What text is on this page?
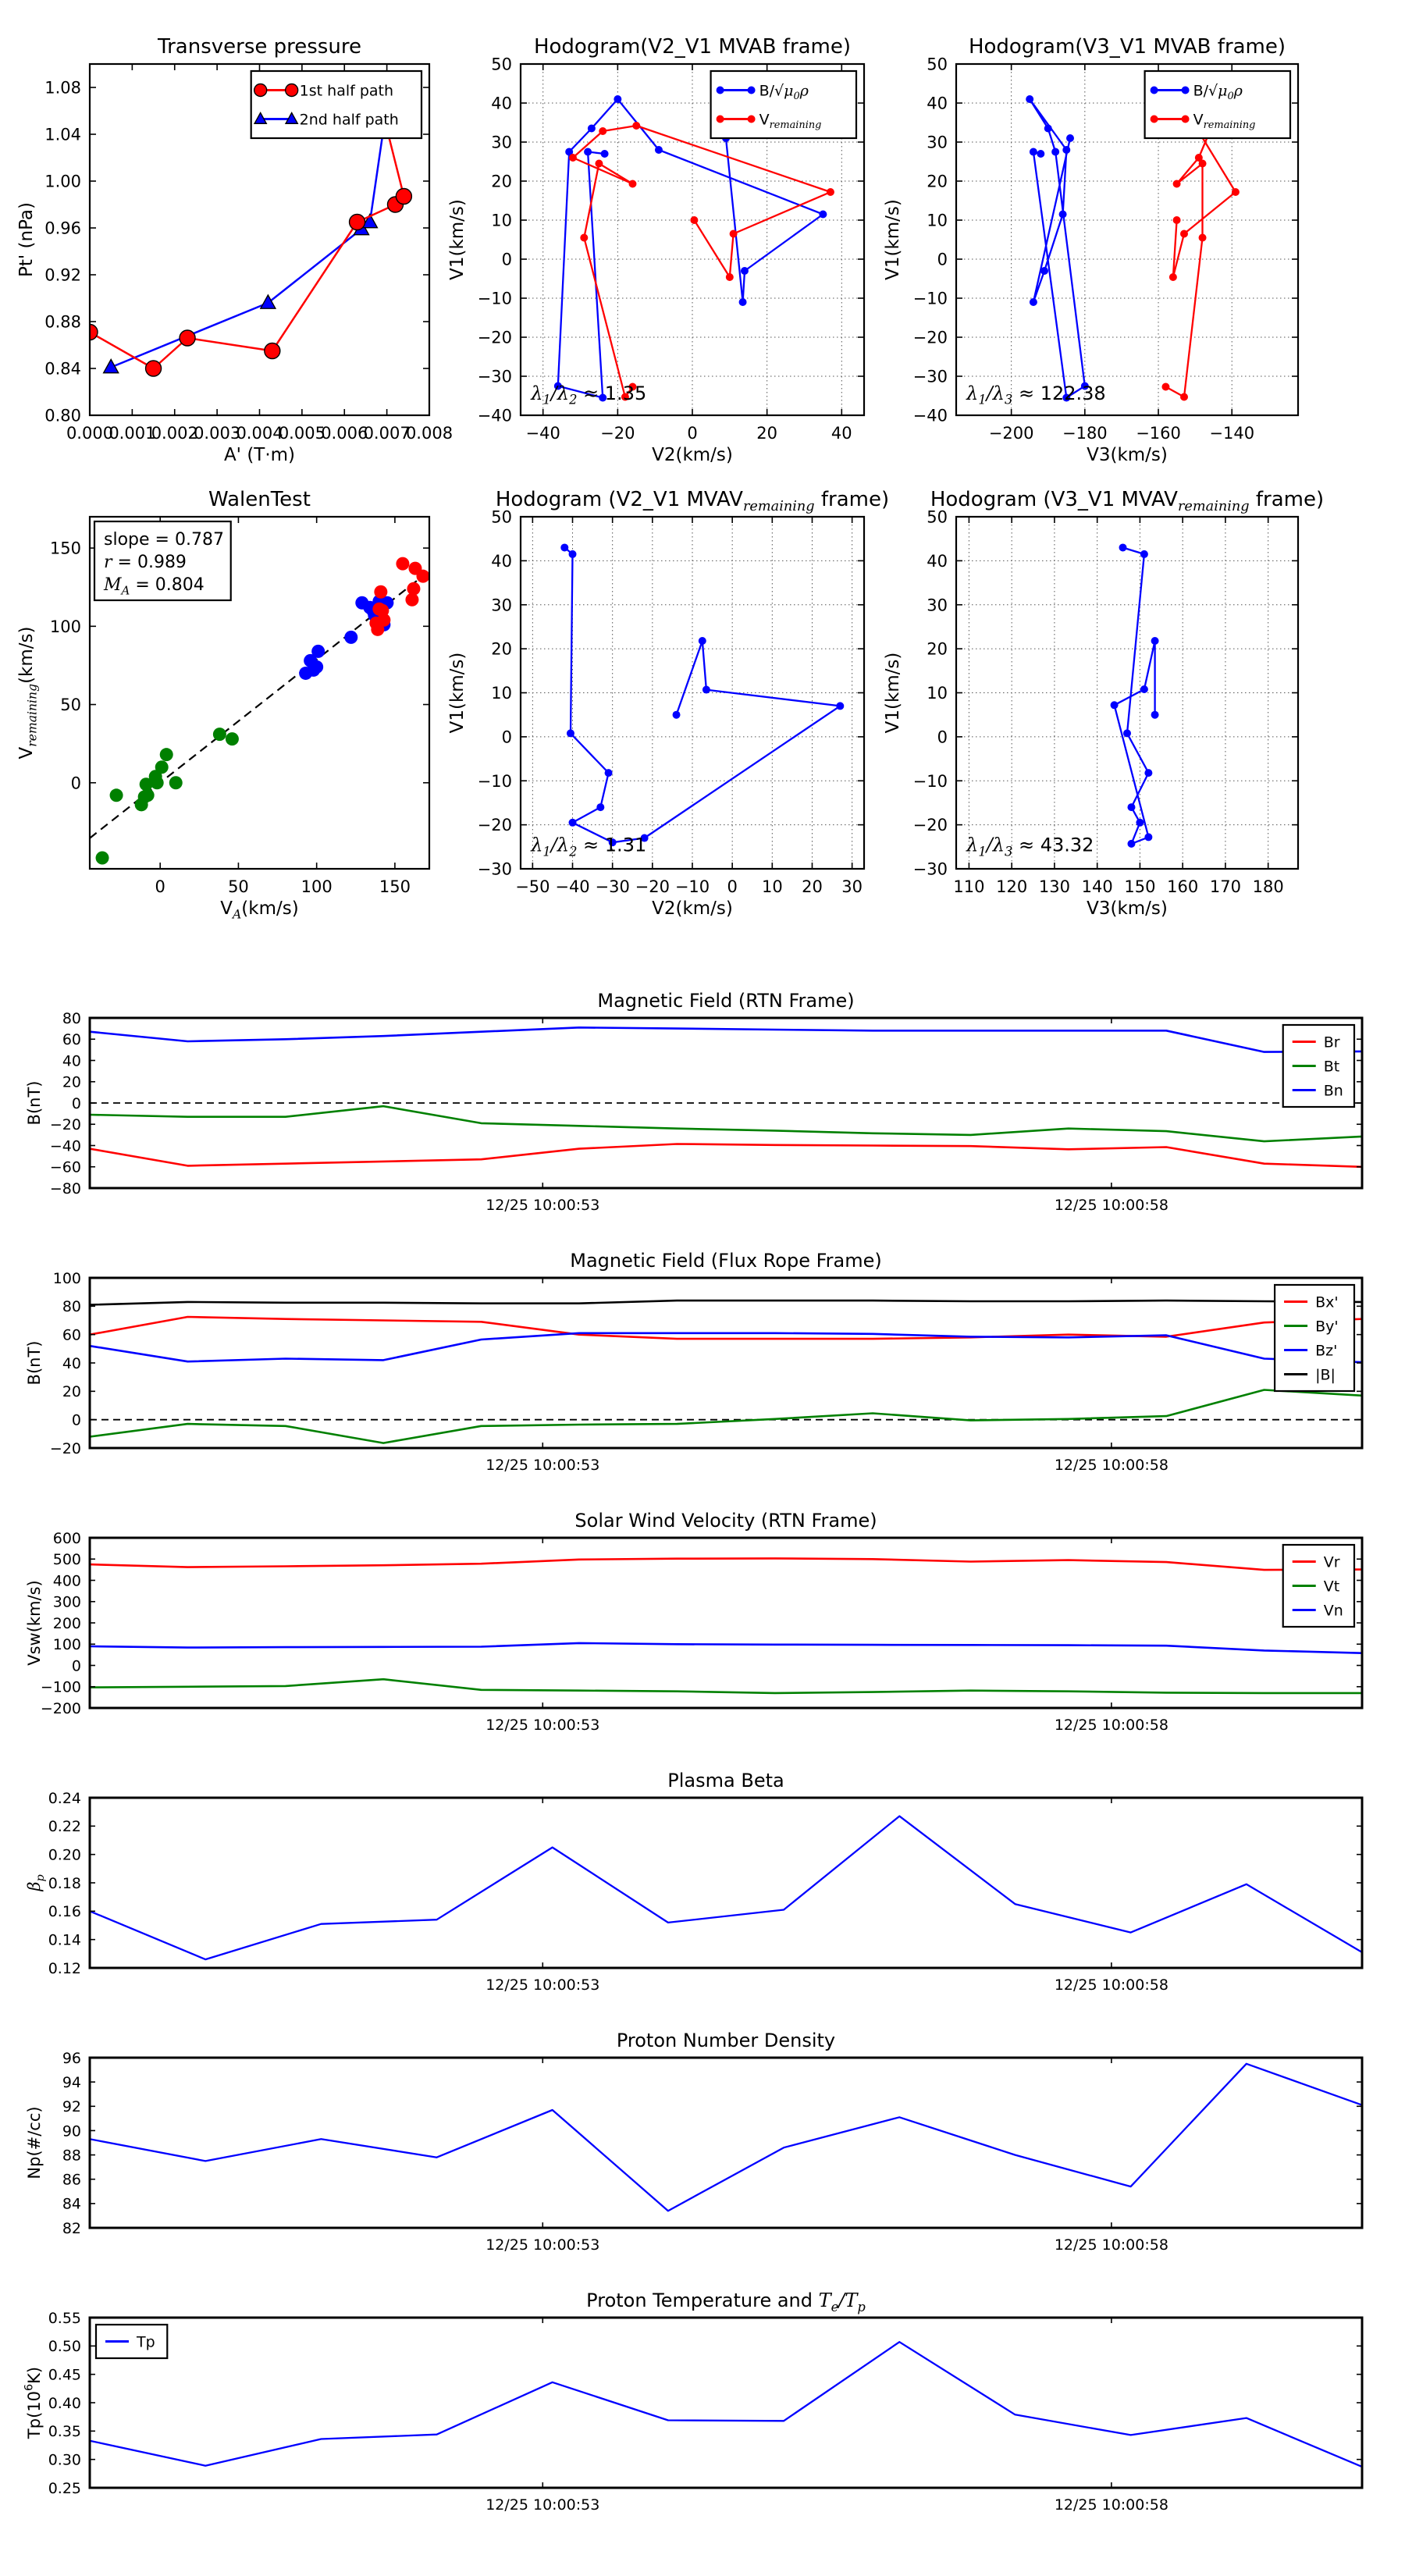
0.000
0.001
0.002
0.003
0.004
0.005
0.006
0.007
0.008
0.80
0.84
0.88
0.92
0.96
1.00
1.04
1.08
Transverse pressure
A' (T·m)
Pt' (nPa)
1st half path
2nd half path
−40 −20	0	20	40
−40
−30
−20
−10
0
10
20
30
40
50
Hodogram(V2_V1 MVAB frame)
V2(km/s)
V1(km/s)
$B/√\mu_0\rho$
$V_{remaining}$
$\lambda_1/\lambda_2 \approx 1.35$
−200 −180 −160 −140
−40
−30
−20
−10
0
10
20
30
40
50
Hodogram(V3_V1 MVAB frame)
V3(km/s)
V1(km/s)
$B/√\mu_0\rho$
$V_{remaining}$
$\lambda_1/\lambda_3 \approx 122.38$
0	50	100	150
0
50
100
150
WalenTest
$V_A(km/s)$
$V_{remaining}(km/s)$
slope = 0.787
r = 0.989
$M_A = 0.804$
−50 −40 −30 −20 −10 0 10 20 30
−30
−20
−10
0
10
20
30
40
50
Hodogram (V2_V1 $MVAV_{remaining}$ frame)
V2(km/s)
V1(km/s)
$\lambda_1/\lambda_2 \approx 1.31$
110 120 130 140 150 160 170 180
−30
−20
−10
0
10
20
30
40
50
Hodogram (V3_V1 $MVAV_{remaining}$ frame)
V3(km/s)
V1(km/s)
$\lambda_1/\lambda_3 \approx 43.32$
12/25 10:00:53	12/25 10:00:58
−80
−60
−40
−20
0
20
40
60
80
Magnetic Field (RTN Frame)
B(nT)
Br
Bt
Bn
12/25 10:00:53	12/25 10:00:58
−20
0
20
40
60
80
100
Magnetic Field (Flux Rope Frame)
B(nT)
Bx'
By'
Bz'
|B|
12/25 10:00:53	12/25 10:00:58
−200
−100
0
100
200
300
400
500
600
Solar Wind Velocity (RTN Frame)
Vsw(km/s)
Vr
Vt
Vn
12/25 10:00:53	12/25 10:00:58
0.12
0.14
0.16
0.18
0.20
0.22
0.24
Plasma Beta
$\beta_p$
12/25 10:00:53	12/25 10:00:58
82
84
86
88
90
92
94
96
Proton Number Density
Np(#/cc)
12/25 10:00:53	12/25 10:00:58
0.25
0.30
0.35
0.40
0.45
0.50
0.55
Proton Temperature and $T_e/T_p$
$Tp(10^6K)$
Tp
